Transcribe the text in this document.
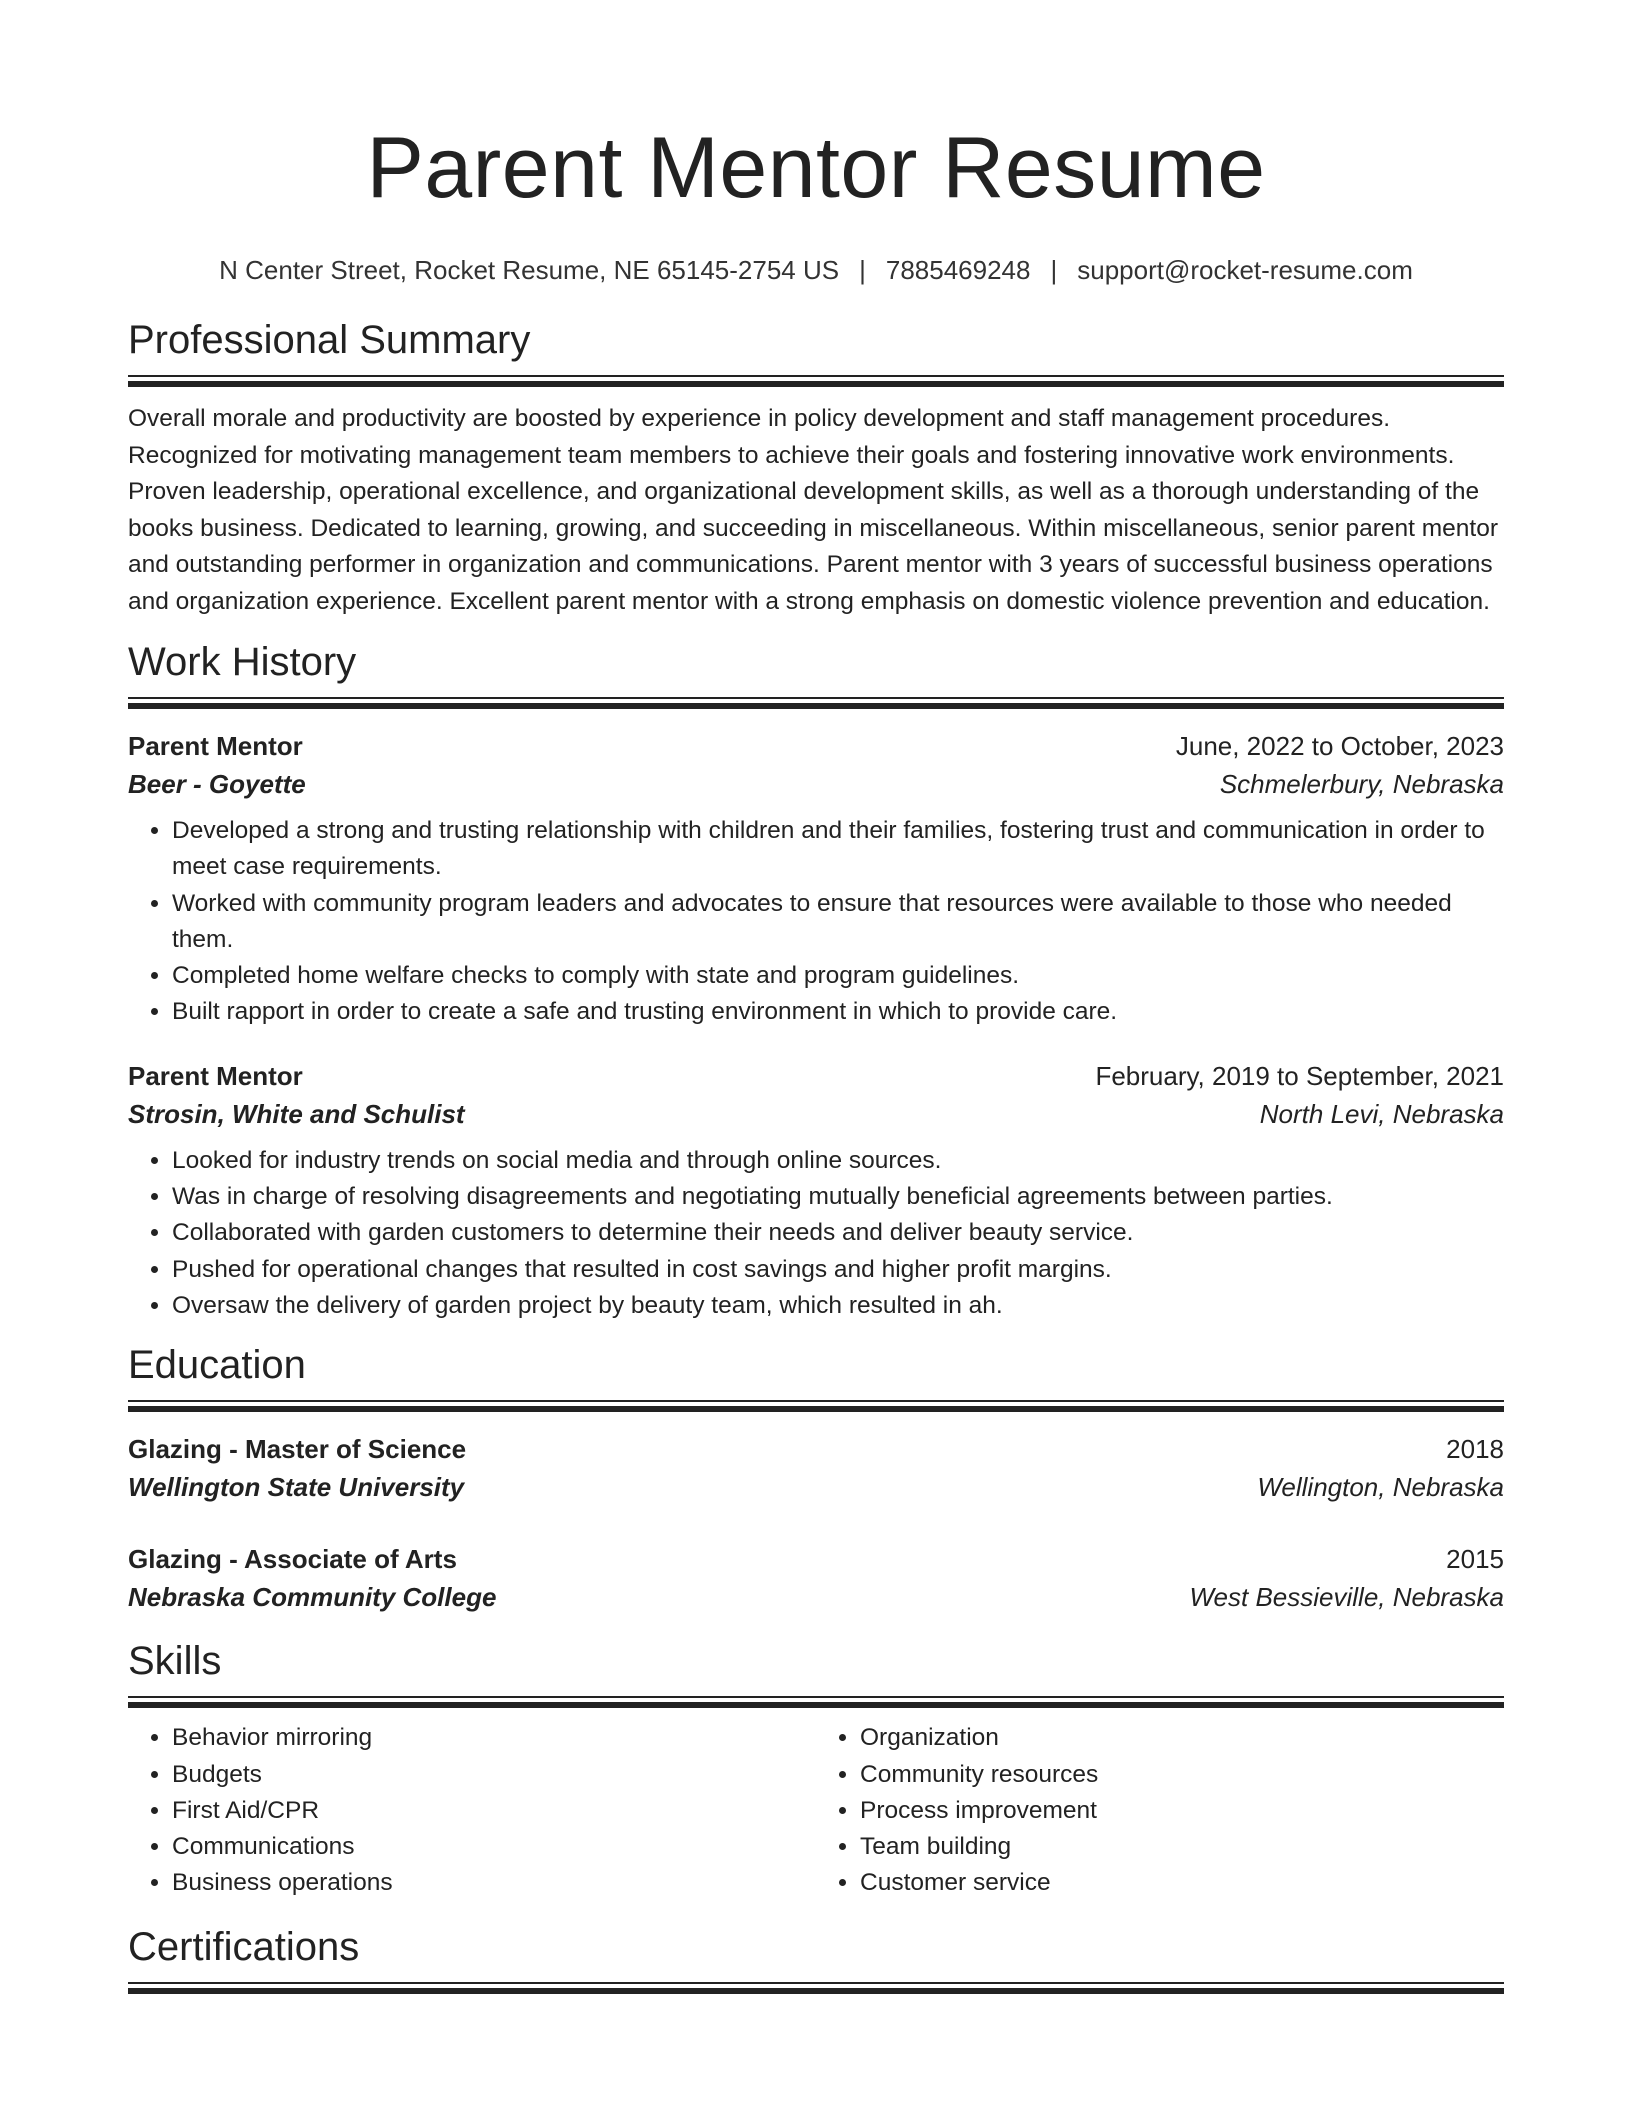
Parent Mentor Resume
N Center Street, Rocket Resume, NE 65145-2754 US | 7885469248 | support@rocket-resume.com
Professional Summary
Overall morale and productivity are boosted by experience in policy development and staff management procedures. Recognized for motivating management team members to achieve their goals and fostering innovative work environments. Proven leadership, operational excellence, and organizational development skills, as well as a thorough understanding of the books business. Dedicated to learning, growing, and succeeding in miscellaneous. Within miscellaneous, senior parent mentor and outstanding performer in organization and communications. Parent mentor with 3 years of successful business operations and organization experience. Excellent parent mentor with a strong emphasis on domestic violence prevention and education.
Work History
Parent Mentor	June, 2022 to October, 2023
Beer - Goyette	Schmelerbury, Nebraska
• Developed a strong and trusting relationship with children and their families, fostering trust and communication in order to meet case requirements.
• Worked with community program leaders and advocates to ensure that resources were available to those who needed them.
• Completed home welfare checks to comply with state and program guidelines.
• Built rapport in order to create a safe and trusting environment in which to provide care.
Parent Mentor	February, 2019 to September, 2021
Strosin, White and Schulist	North Levi, Nebraska
• Looked for industry trends on social media and through online sources.
• Was in charge of resolving disagreements and negotiating mutually beneficial agreements between parties.
• Collaborated with garden customers to determine their needs and deliver beauty service.
• Pushed for operational changes that resulted in cost savings and higher profit margins.
• Oversaw the delivery of garden project by beauty team, which resulted in ah.
Education
Glazing - Master of Science	2018
Wellington State University	Wellington, Nebraska
Glazing - Associate of Arts	2015
Nebraska Community College	West Bessieville, Nebraska
Skills
• Behavior mirroring
• Budgets
• First Aid/CPR
• Communications
• Business operations
• Organization
• Community resources
• Process improvement
• Team building
• Customer service
Certifications
